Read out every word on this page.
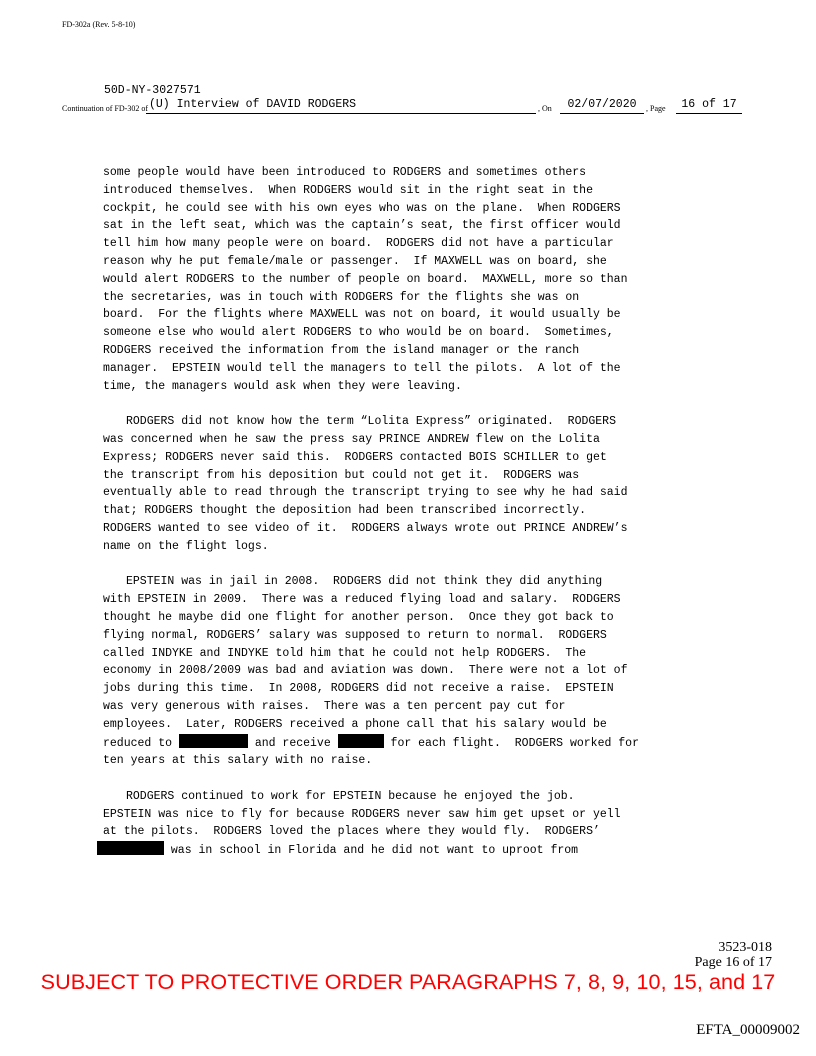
FD-302a (Rev. 5-8-10)
50D-NY-3027571
Continuation of FD-302 of (U) Interview of DAVID RODGERS	, On	02/07/2020	, Page	16 of 17

some people would have been introduced to RODGERS and sometimes others
introduced themselves.  When RODGERS would sit in the right seat in the
cockpit, he could see with his own eyes who was on the plane.  When RODGERS
sat in the left seat, which was the captain’s seat, the first officer would
tell him how many people were on board.  RODGERS did not have a particular
reason why he put female/male or passenger.  If MAXWELL was on board, she
would alert RODGERS to the number of people on board.  MAXWELL, more so than
the secretaries, was in touch with RODGERS for the flights she was on
board.  For the flights where MAXWELL was not on board, it would usually be
someone else who would alert RODGERS to who would be on board.  Sometimes,
RODGERS received the information from the island manager or the ranch
manager.  EPSTEIN would tell the managers to tell the pilots.  A lot of the
time, the managers would ask when they were leaving.

RODGERS did not know how the term “Lolita Express” originated.  RODGERS
was concerned when he saw the press say PRINCE ANDREW flew on the Lolita
Express; RODGERS never said this.  RODGERS contacted BOIS SCHILLER to get
the transcript from his deposition but could not get it.  RODGERS was
eventually able to read through the transcript trying to see why he had said
that; RODGERS thought the deposition had been transcribed incorrectly.
RODGERS wanted to see video of it.  RODGERS always wrote out PRINCE ANDREW’s
name on the flight logs.

EPSTEIN was in jail in 2008.  RODGERS did not think they did anything
with EPSTEIN in 2009.  There was a reduced flying load and salary.  RODGERS
thought he maybe did one flight for another person.  Once they got back to
flying normal, RODGERS’ salary was supposed to return to normal.  RODGERS
called INDYKE and INDYKE told him that he could not help RODGERS.  The
economy in 2008/2009 was bad and aviation was down.  There were not a lot of
jobs during this time.  In 2008, RODGERS did not receive a raise.  EPSTEIN
was very generous with raises.  There was a ten percent pay cut for
employees.  Later, RODGERS received a phone call that his salary would be
reduced to	and receive	for each flight.  RODGERS worked for
ten years at this salary with no raise.

RODGERS continued to work for EPSTEIN because he enjoyed the job.
EPSTEIN was nice to fly for because RODGERS never saw him get upset or yell
at the pilots.  RODGERS loved the places where they would fly.  RODGERS’
was in school in Florida and he did not want to uproot from

3523-018
Page 16 of 17
SUBJECT TO PROTECTIVE ORDER PARAGRAPHS 7, 8, 9, 10, 15, and 17
EFTA_00009002
